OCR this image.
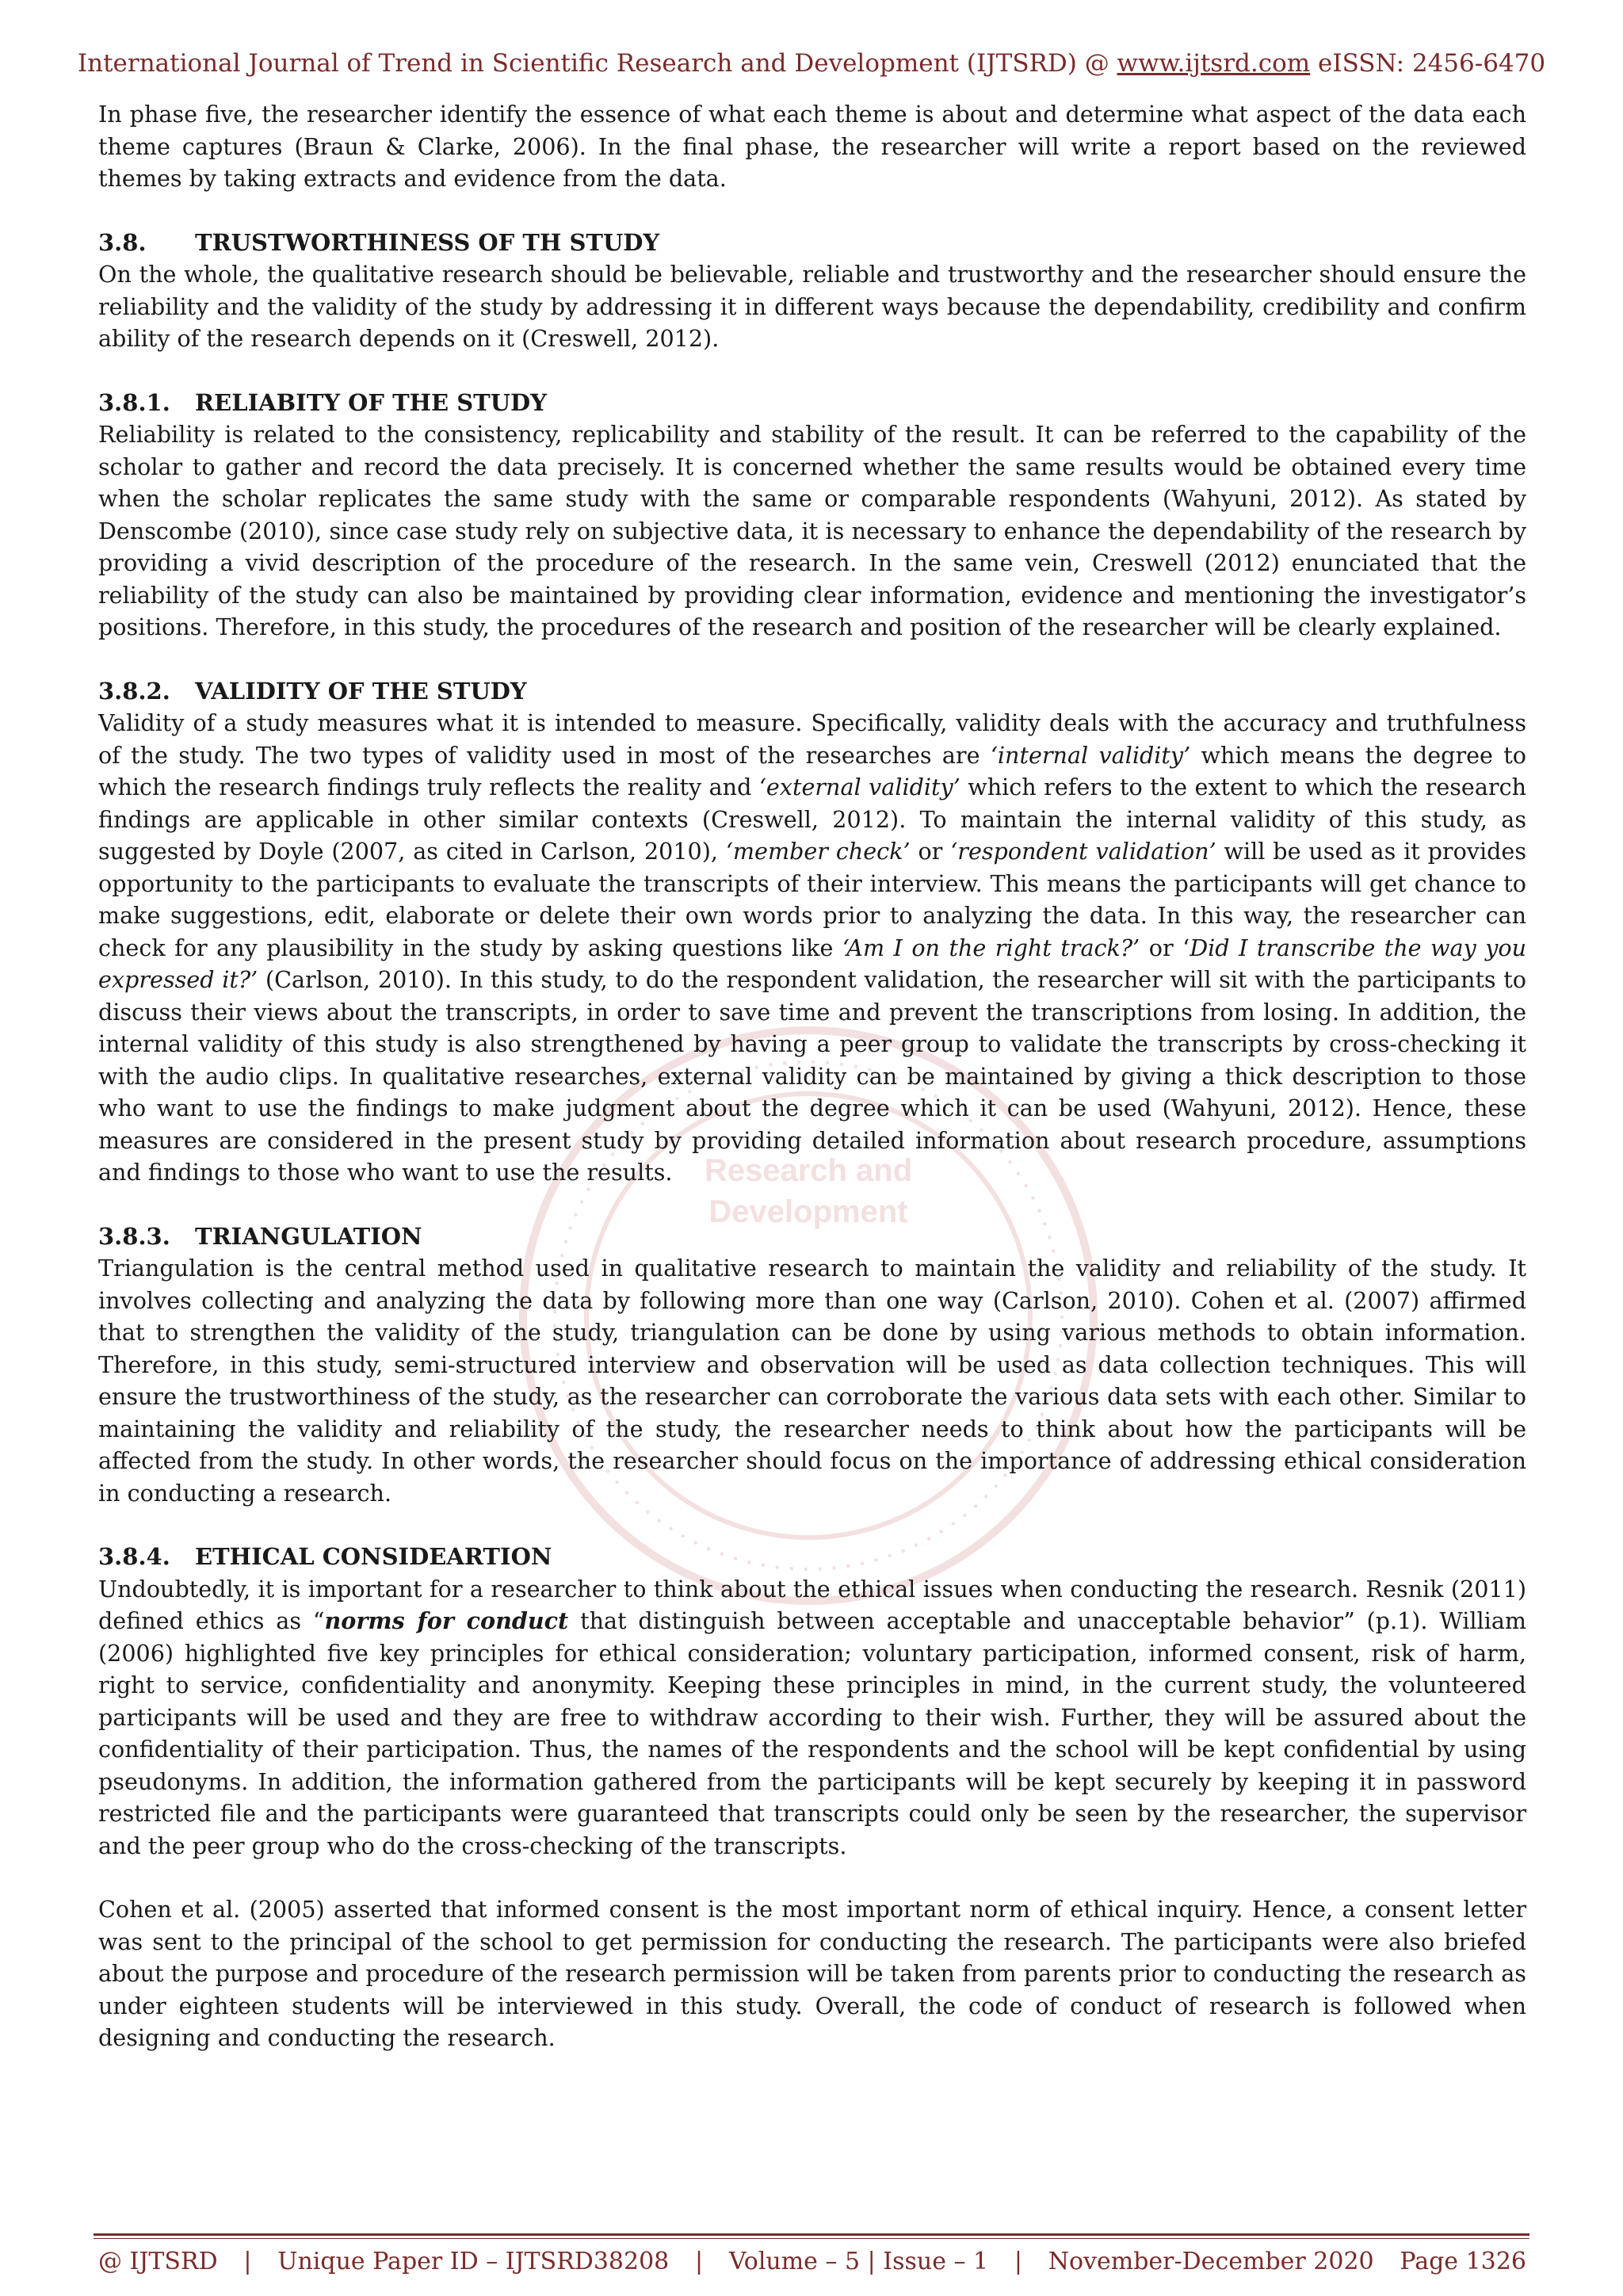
Research and
Development
International Journal of Trend in Scientific Research and Development (IJTSRD) @ www.ijtsrd.com eISSN: 2456-6470

In phase five, the researcher identify the essence of what each theme is about and determine what aspect of the data each theme captures (Braun & Clarke, 2006). In the final phase, the researcher will write a report based on the reviewed themes by taking extracts and evidence from the data.

3.8. TRUSTWORTHINESS OF TH STUDY

On the whole, the qualitative research should be believable, reliable and trustworthy and the researcher should ensure the reliability and the validity of the study by addressing it in different ways because the dependability, credibility and confirm ability of the research depends on it (Creswell, 2012).

3.8.1. RELIABITY OF THE STUDY

Reliability is related to the consistency, replicability and stability of the result. It can be referred to the capability of the scholar to gather and record the data precisely. It is concerned whether the same results would be obtained every time when the scholar replicates the same study with the same or comparable respondents (Wahyuni, 2012). As stated by Denscombe (2010), since case study rely on subjective data, it is necessary to enhance the dependability of the research by providing a vivid description of the procedure of the research. In the same vein, Creswell (2012) enunciated that the reliability of the study can also be maintained by providing clear information, evidence and mentioning the investigator’s positions. Therefore, in this study, the procedures of the research and position of the researcher will be clearly explained.

3.8.2. VALIDITY OF THE STUDY

Validity of a study measures what it is intended to measure. Specifically, validity deals with the accuracy and truthfulness of the study. The two types of validity used in most of the researches are ‘internal validity’ which means the degree to which the research findings truly reflects the reality and ‘external validity’ which refers to the extent to which the research findings are applicable in other similar contexts (Creswell, 2012). To maintain the internal validity of this study, as suggested by Doyle (2007, as cited in Carlson, 2010), ‘member check’ or ‘respondent validation’ will be used as it provides opportunity to the participants to evaluate the transcripts of their interview. This means the participants will get chance to make suggestions, edit, elaborate or delete their own words prior to analyzing the data. In this way, the researcher can check for any plausibility in the study by asking questions like ‘Am I on the right track?’ or ‘Did I transcribe the way you expressed it?’ (Carlson, 2010). In this study, to do the respondent validation, the researcher will sit with the participants to discuss their views about the transcripts, in order to save time and prevent the transcriptions from losing. In addition, the internal validity of this study is also strengthened by having a peer group to validate the transcripts by cross-checking it with the audio clips. In qualitative researches, external validity can be maintained by giving a thick description to those who want to use the findings to make judgment about the degree which it can be used (Wahyuni, 2012). Hence, these measures are considered in the present study by providing detailed information about research procedure, assumptions and findings to those who want to use the results.

3.8.3. TRIANGULATION

Triangulation is the central method used in qualitative research to maintain the validity and reliability of the study. It involves collecting and analyzing the data by following more than one way (Carlson, 2010). Cohen et al. (2007) affirmed that to strengthen the validity of the study, triangulation can be done by using various methods to obtain information. Therefore, in this study, semi-structured interview and observation will be used as data collection techniques. This will ensure the trustworthiness of the study, as the researcher can corroborate the various data sets with each other. Similar to maintaining the validity and reliability of the study, the researcher needs to think about how the participants will be affected from the study. In other words, the researcher should focus on the importance of addressing ethical consideration in conducting a research.

3.8.4. ETHICAL CONSIDEARTION

Undoubtedly, it is important for a researcher to think about the ethical issues when conducting the research. Resnik (2011) defined ethics as “norms for conduct that distinguish between acceptable and unacceptable behavior” (p.1). William (2006) highlighted five key principles for ethical consideration; voluntary participation, informed consent, risk of harm, right to service, confidentiality and anonymity. Keeping these principles in mind, in the current study, the volunteered participants will be used and they are free to withdraw according to their wish. Further, they will be assured about the confidentiality of their participation. Thus, the names of the respondents and the school will be kept confidential by using pseudonyms. In addition, the information gathered from the participants will be kept securely by keeping it in password restricted file and the participants were guaranteed that transcripts could only be seen by the researcher, the supervisor and the peer group who do the cross-checking of the transcripts.

Cohen et al. (2005) asserted that informed consent is the most important norm of ethical inquiry. Hence, a consent letter was sent to the principal of the school to get permission for conducting the research. The participants were also briefed about the purpose and procedure of the research permission will be taken from parents prior to conducting the research as under eighteen students will be interviewed in this study. Overall, the code of conduct of research is followed when designing and conducting the research.

@ IJTSRD | Unique Paper ID – IJTSRD38208 | Volume – 5 | Issue – 1 | November-December 2020 Page 1326
